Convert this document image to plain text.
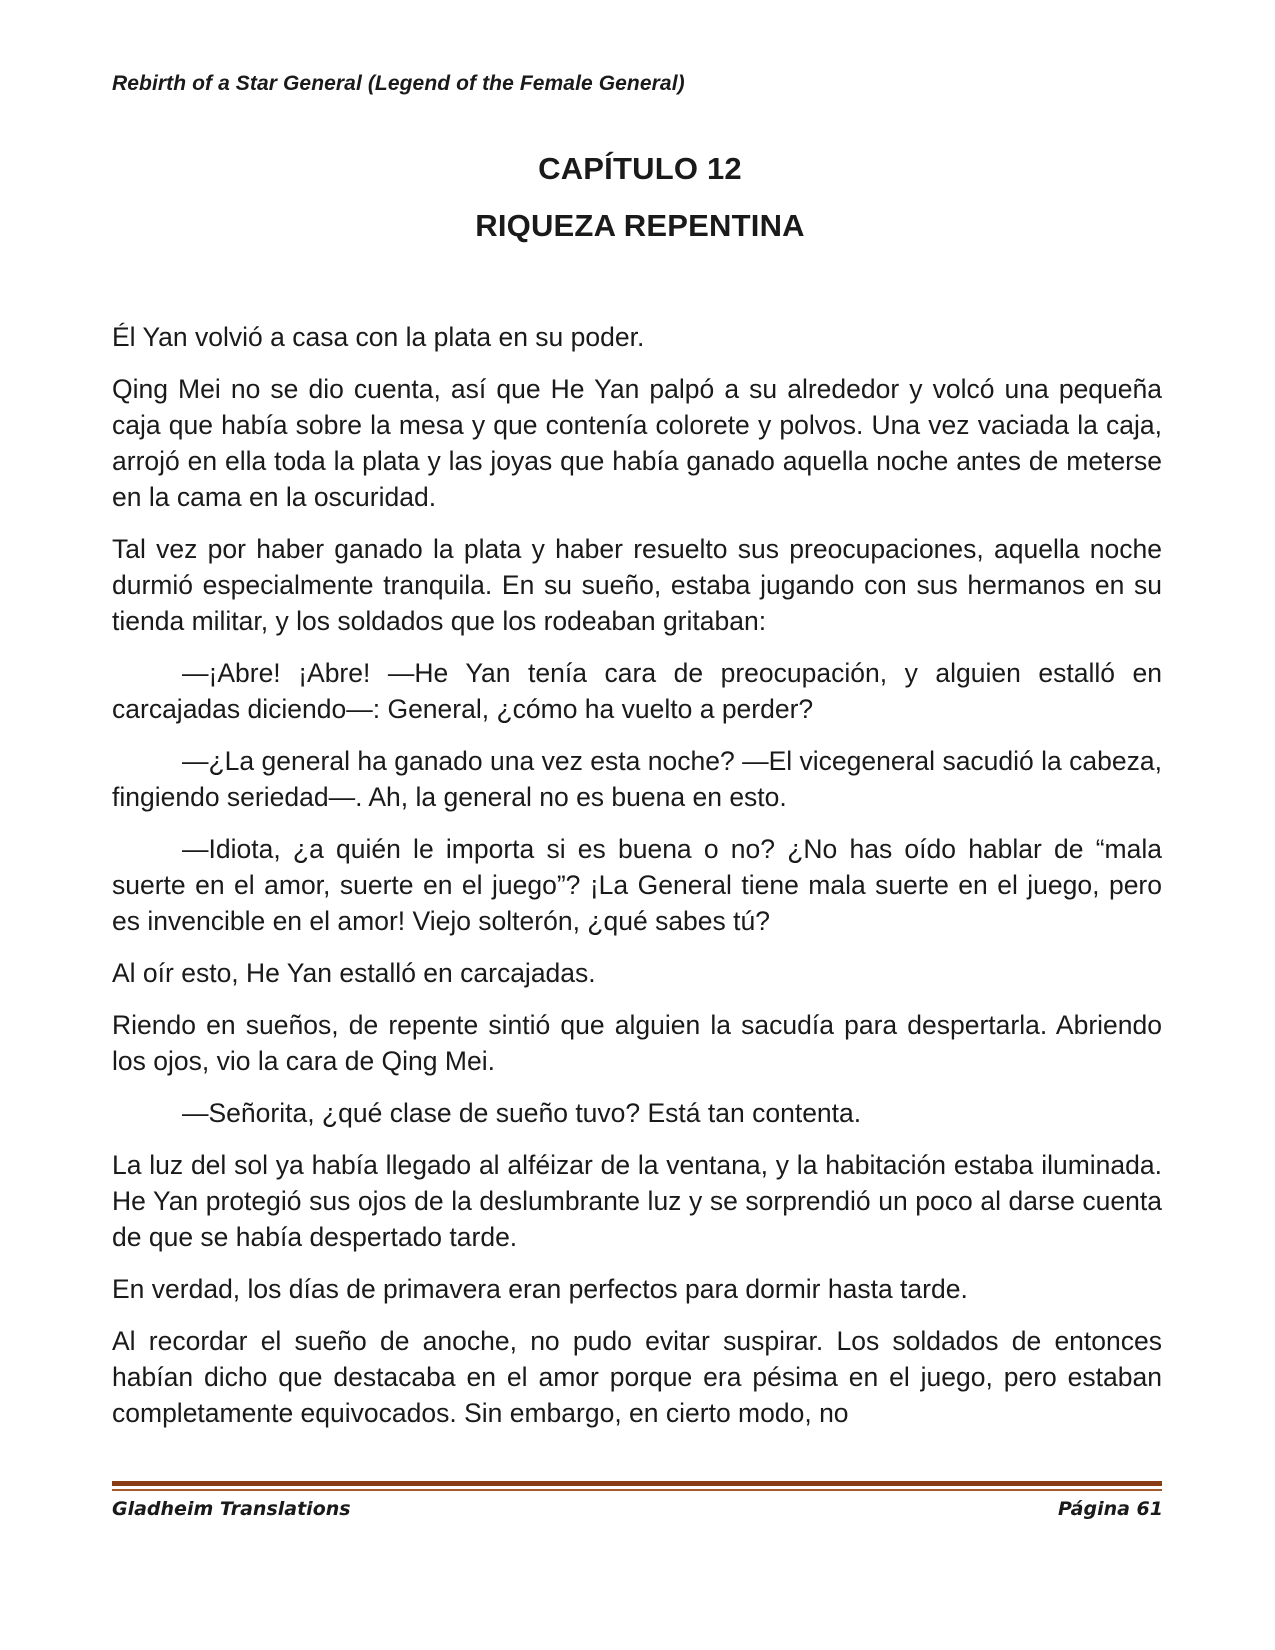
Rebirth of a Star General (Legend of the Female General)
CAPÍTULO 12
RIQUEZA REPENTINA

Él Yan volvió a casa con la plata en su poder.

Qing Mei no se dio cuenta, así que He Yan palpó a su alrededor y volcó una pequeña caja que había sobre la mesa y que contenía colorete y polvos. Una vez vaciada la caja, arrojó en ella toda la plata y las joyas que había ganado aquella noche antes de meterse en la cama en la oscuridad.

Tal vez por haber ganado la plata y haber resuelto sus preocupaciones, aquella noche durmió especialmente tranquila. En su sueño, estaba jugando con sus hermanos en su tienda militar, y los soldados que los rodeaban gritaban:

—¡Abre! ¡Abre! —He Yan tenía cara de preocupación, y alguien estalló en carcajadas diciendo—: General, ¿cómo ha vuelto a perder?

—¿La general ha ganado una vez esta noche? —El vicegeneral sacudió la cabeza, fingiendo seriedad—. Ah, la general no es buena en esto.

—Idiota, ¿a quién le importa si es buena o no? ¿No has oído hablar de “mala suerte en el amor, suerte en el juego”? ¡La General tiene mala suerte en el juego, pero es invencible en el amor! Viejo solterón, ¿qué sabes tú?

Al oír esto, He Yan estalló en carcajadas.

Riendo en sueños, de repente sintió que alguien la sacudía para despertarla. Abriendo los ojos, vio la cara de Qing Mei.

—Señorita, ¿qué clase de sueño tuvo? Está tan contenta.

La luz del sol ya había llegado al alféizar de la ventana, y la habitación estaba iluminada. He Yan protegió sus ojos de la deslumbrante luz y se sorprendió un poco al darse cuenta de que se había despertado tarde.

En verdad, los días de primavera eran perfectos para dormir hasta tarde.

Al recordar el sueño de anoche, no pudo evitar suspirar. Los soldados de entonces habían dicho que destacaba en el amor porque era pésima en el juego, pero estaban completamente equivocados. Sin embargo, en cierto modo, no

Gladheim Translations	Página 61
